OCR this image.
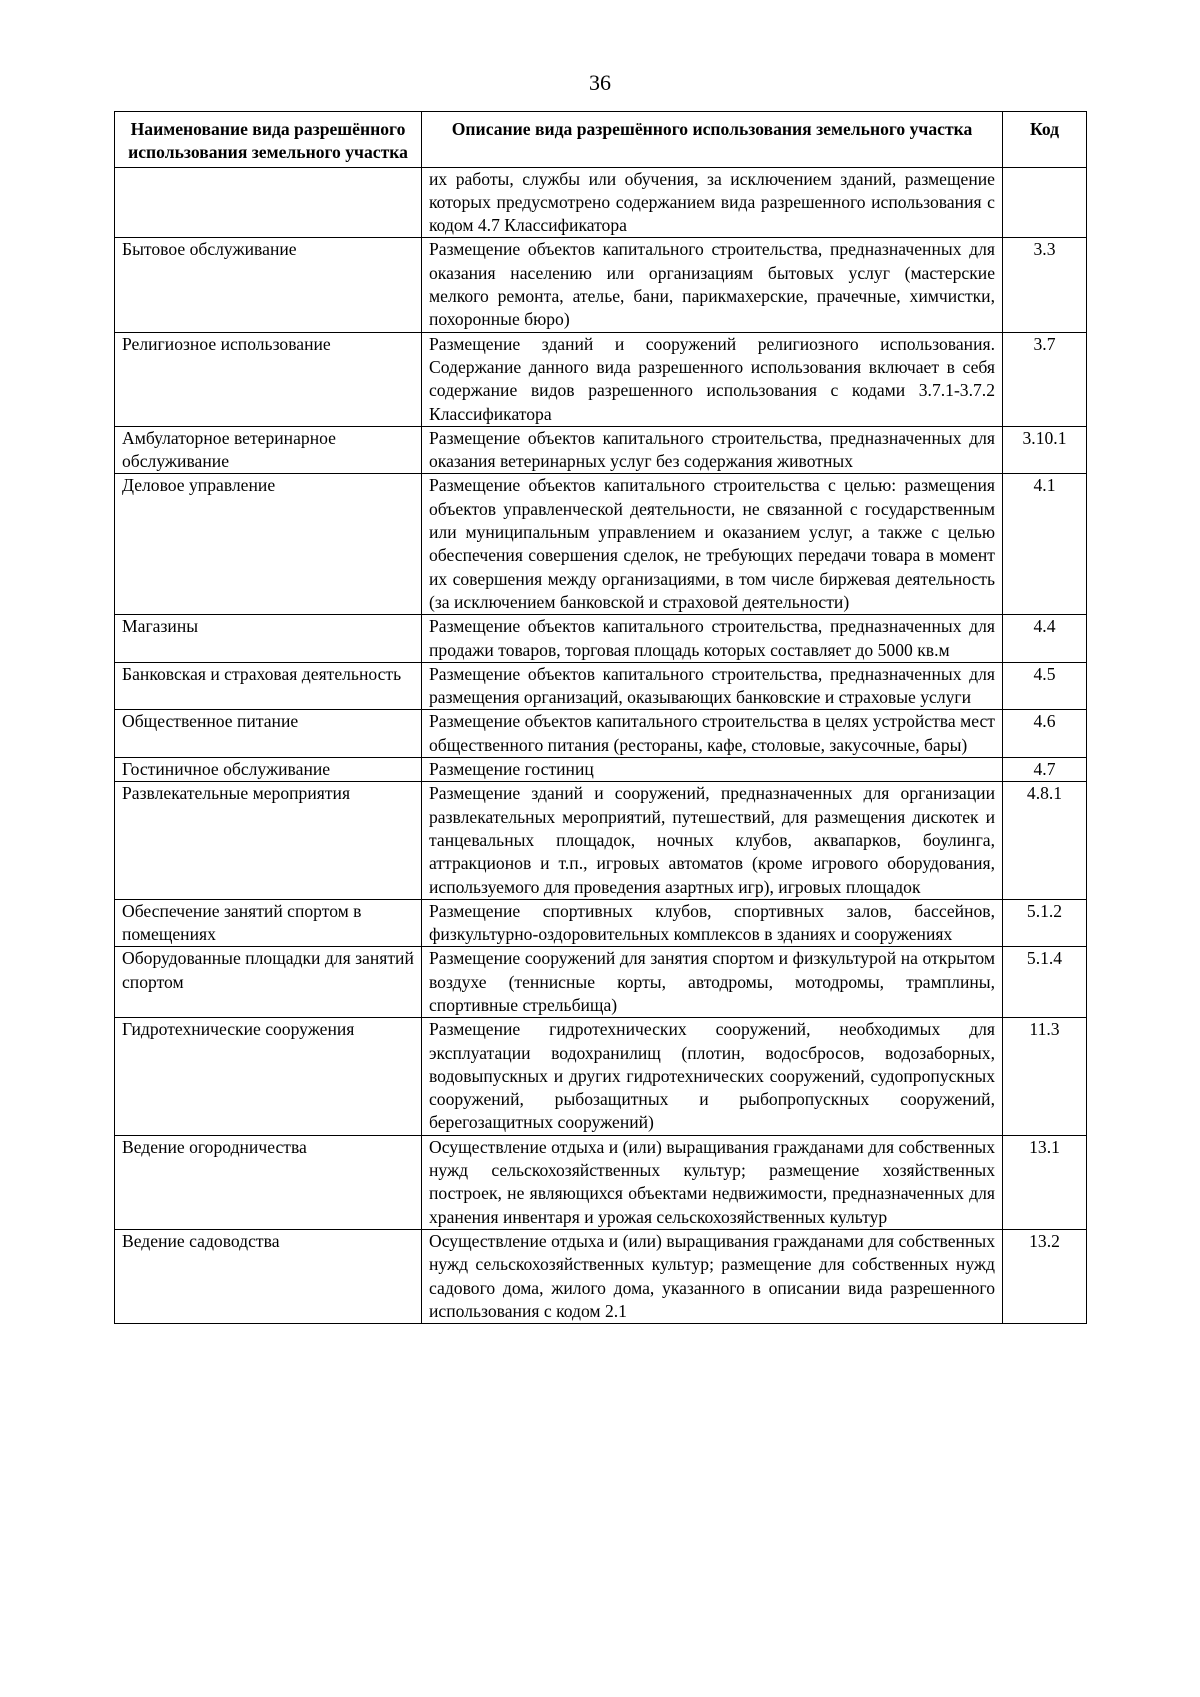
36
Наименование вида разрешённого использования земельного участка	Описание вида разрешённого использования земельного участка	Код
	их работы, службы или обучения, за исключением зданий, размещение которых предусмотрено содержанием вида разрешенного использования с кодом 4.7 Классификатора	
Бытовое обслуживание	Размещение объектов капитального строительства, предназначенных для оказания населению или организациям бытовых услуг (мастерские мелкого ремонта, ателье, бани, парикмахерские, прачечные, химчистки, похоронные бюро)	3.3
Религиозное использование	Размещение зданий и сооружений религиозного использования. Содержание данного вида разрешенного использования включает в себя содержание видов разрешенного использования с кодами 3.7.1-3.7.2 Классификатора	3.7
Амбулаторное ветеринарное обслуживание	Размещение объектов капитального строительства, предназначенных для оказания ветеринарных услуг без содержания животных	3.10.1
Деловое управление	Размещение объектов капитального строительства с целью: размещения объектов управленческой деятельности, не связанной с государственным или муниципальным управлением и оказанием услуг, а также с целью обеспечения совершения сделок, не требующих передачи товара в момент их совершения между организациями, в том числе биржевая деятельность (за исключением банковской и страховой деятельности)	4.1
Магазины	Размещение объектов капитального строительства, предназначенных для продажи товаров, торговая площадь которых составляет до 5000 кв.м	4.4
Банковская и страховая деятельность	Размещение объектов капитального строительства, предназначенных для размещения организаций, оказывающих банковские и страховые услуги	4.5
Общественное питание	Размещение объектов капитального строительства в целях устройства мест общественного питания (рестораны, кафе, столовые, закусочные, бары)	4.6
Гостиничное обслуживание	Размещение гостиниц	4.7
Развлекательные мероприятия	Размещение зданий и сооружений, предназначенных для организации развлекательных мероприятий, путешествий, для размещения дискотек и танцевальных площадок, ночных клубов, аквапарков, боулинга, аттракционов и т.п., игровых автоматов (кроме игрового оборудования, используемого для проведения азартных игр), игровых площадок	4.8.1
Обеспечение занятий спортом в помещениях	Размещение спортивных клубов, спортивных залов, бассейнов, физкультурно-оздоровительных комплексов в зданиях и сооружениях	5.1.2
Оборудованные площадки для занятий спортом	Размещение сооружений для занятия спортом и физкультурой на открытом воздухе (теннисные корты, автодромы, мотодромы, трамплины, спортивные стрельбища)	5.1.4
Гидротехнические сооружения	Размещение гидротехнических сооружений, необходимых для эксплуатации водохранилищ (плотин, водосбросов, водозаборных, водовыпускных и других гидротехнических сооружений, судопропускных сооружений, рыбозащитных и рыбопропускных сооружений, берегозащитных сооружений)	11.3
Ведение огородничества	Осуществление отдыха и (или) выращивания гражданами для собственных нужд сельскохозяйственных культур; размещение хозяйственных построек, не являющихся объектами недвижимости, предназначенных для хранения инвентаря и урожая сельскохозяйственных культур	13.1
Ведение садоводства	Осуществление отдыха и (или) выращивания гражданами для собственных нужд сельскохозяйственных культур; размещение для собственных нужд садового дома, жилого дома, указанного в описании вида разрешенного использования с кодом 2.1	13.2
